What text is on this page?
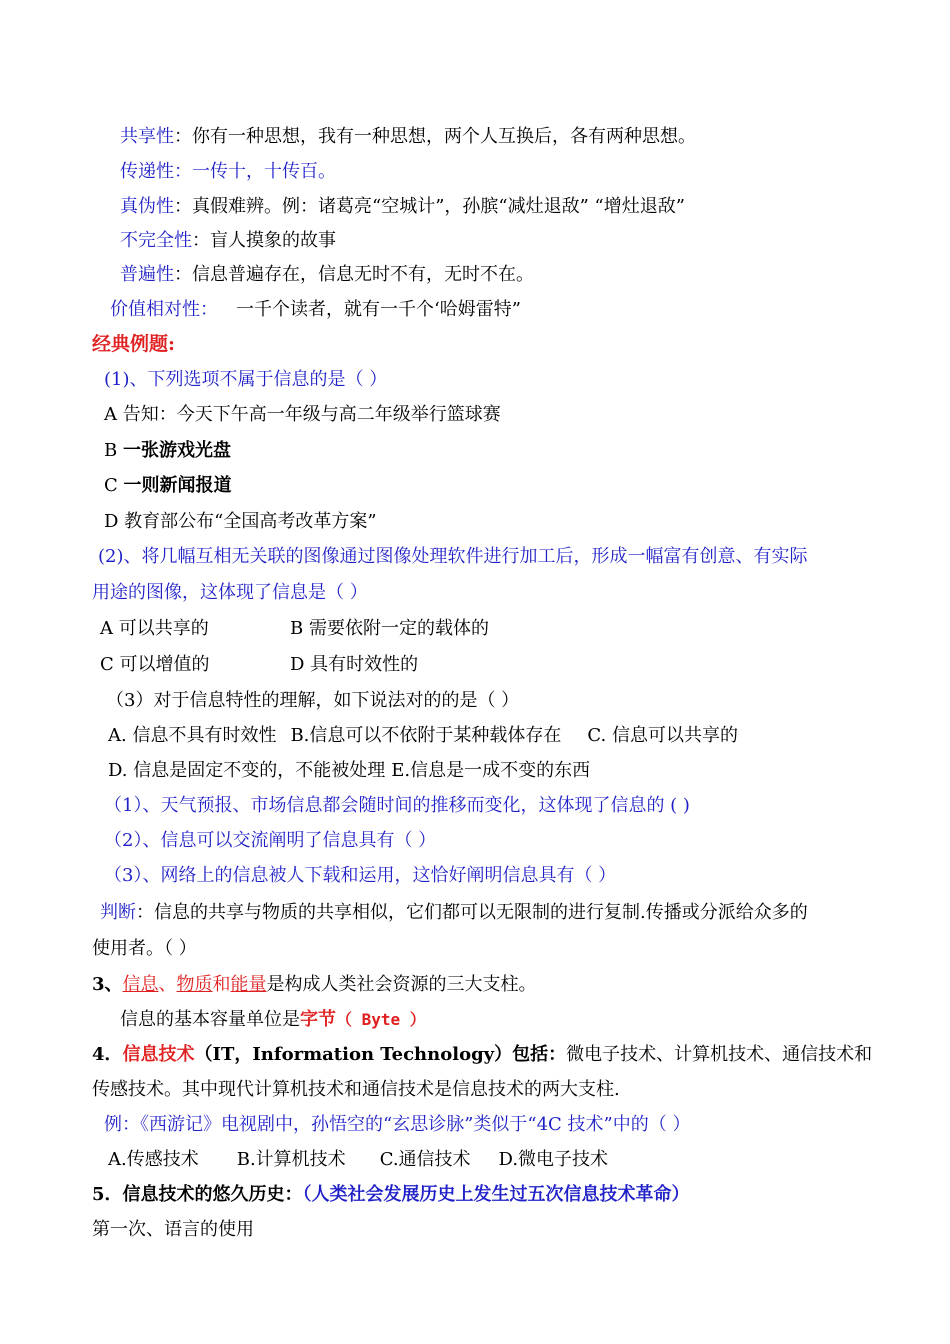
共享性：你有一种思想，我有一种思想，两个人互换后，各有两种思想。
传递性：一传十，十传百。
真伪性：真假难辨。例：诸葛亮“空城计”，孙膑“减灶退敌” “增灶退敌”
不完全性：盲人摸象的故事
普遍性：信息普遍存在，信息无时不有，无时不在。
价值相对性： 一千个读者，就有一千个‘哈姆雷特”
经典例题:
(1)、下列选项不属于信息的是（ ）
A 告知：今天下午高一年级与高二年级举行篮球赛
B 一张游戏光盘
C 一则新闻报道
D 教育部公布“全国高考改革方案”
(2)、将几幅互相无关联的图像通过图像处理软件进行加工后，形成一幅富有创意、有实际
用途的图像，这体现了信息是（ ）
A 可以共享的	B 需要依附一定的载体的
C 可以增值的	D 具有时效性的
（3）对于信息特性的理解，如下说法对的的是（ ）
A. 信息不具有时效性 B.信息可以不依附于某种载体存在 C. 信息可以共享的
D. 信息是固定不变的，不能被处理 E.信息是一成不变的东西
（1）、天气预报、市场信息都会随时间的推移而变化，这体现了信息的 ( )
（2）、信息可以交流阐明了信息具有（ ）
（3）、网络上的信息被人下载和运用，这恰好阐明信息具有（ ）
判断：信息的共享与物质的共享相似，它们都可以无限制的进行复制.传播或分派给众多的
使用者。（ ）
3、信息、物质和能量是构成人类社会资源的三大支柱。
信息的基本容量单位是字节（ Byte ）
4．信息技术（IT，Information Technology）包括：微电子技术、计算机技术、通信技术和
传感技术。其中现代计算机技术和通信技术是信息技术的两大支柱.
例：《西游记》电视剧中，孙悟空的“玄思诊脉”类似于“4C 技术”中的（ ）
A.传感技术 B.计算机技术 C.通信技术 D.微电子技术
5．信息技术的悠久历史：（人类社会发展历史上发生过五次信息技术革命）
第一次、语言的使用
